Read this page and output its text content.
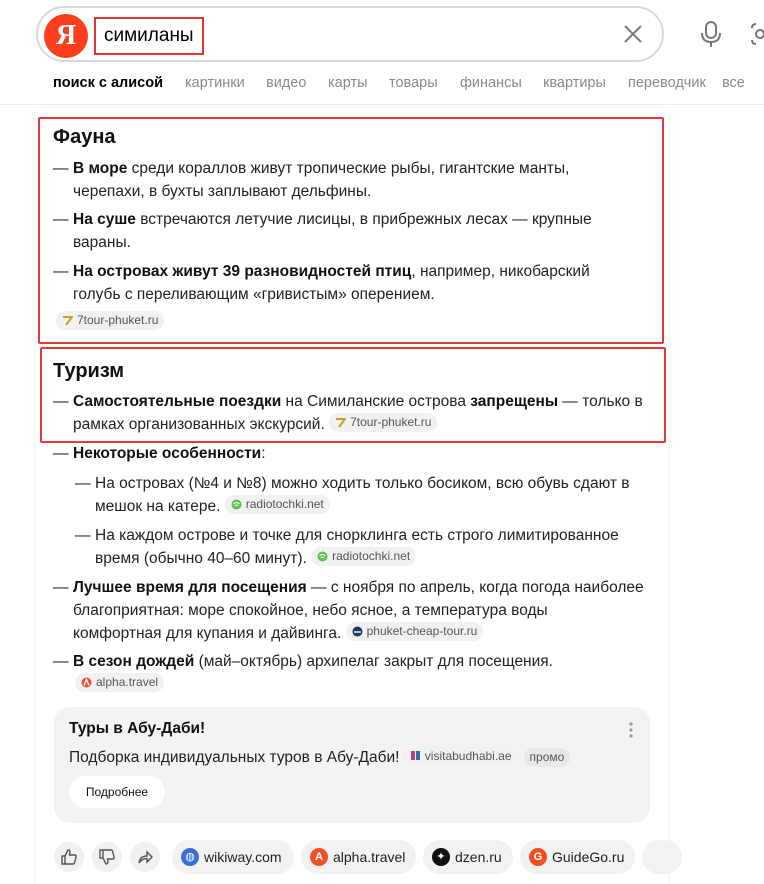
Я	симиланы
поиск с алисой картинки видео карты товары финансы квартиры переводчик все
Фауна
— В море среди кораллов живут тропические рыбы, гигантские манты,
черепахи, в бухты заплывают дельфины.
— На суше встречаются летучие лисицы, в прибрежных лесах — крупные
вараны.
— На островах живут 39 разновидностей птиц, например, никобарский
голубь с переливающим «гривистым» оперением.
7tour-phuket.ru
Туризм
— Самостоятельные поездки на Симиланские острова запрещены — только в
рамках организованных экскурсий. 7tour-phuket.ru
— Некоторые особенности:
— На островах (№4 и №8) можно ходить только босиком, всю обувь сдают в
мешок на катере. radiotochki.net
— На каждом острове и точке для снорклинга есть строго лимитированное
время (обычно 40–60 минут). radiotochki.net
— Лучшее время для посещения — с ноября по апрель, когда погода наиболее
благоприятная: море спокойное, небо ясное, а температура воды
комфортная для купания и дайвинга. phuket-cheap-tour.ru
— В сезон дождей (май–октябрь) архипелаг закрыт для посещения.
alpha.travel
Туры в Абу-Даби!
Подборка индивидуальных туров в Абу-Даби! visitabudhabi.ae промо
Подробнее
◍ wikiway.com	A alpha.travel	✦ dzen.ru	G GuideGo.ru
